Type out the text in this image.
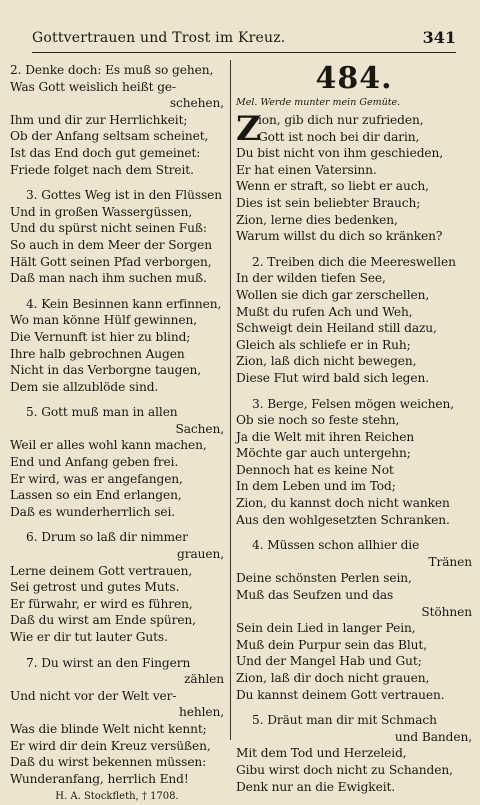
Gottvertrauen und Trost im Kreuz.	341
2. Denke doch: Es muß so gehen,
Was Gott weislich heißt ge-
schehen,
Ihm und dir zur Herrlichkeit;
Ob der Anfang seltsam scheinet,
Ist das End doch gut gemeinet:
Friede folget nach dem Streit.
3. Gottes Weg ist in den Flüssen
Und in großen Wassergüssen,
Und du spürst nicht seinen Fuß:
So auch in dem Meer der Sorgen
Hält Gott seinen Pfad verborgen,
Daß man nach ihm suchen muß.
4. Kein Besinnen kann erfinnen,
Wo man könne Hülf gewinnen,
Die Vernunft ist hier zu blind;
Ihre halb gebrochnen Augen
Nicht in das Verborgne taugen,
Dem sie allzublöde sind.
5. Gott muß man in allen
Sachen,
Weil er alles wohl kann machen,
End und Anfang geben frei.
Er wird, was er angefangen,
Lassen so ein End erlangen,
Daß es wunderherrlich sei.
6. Drum so laß dir nimmer
grauen,
Lerne deinem Gott vertrauen,
Sei getrost und gutes Muts.
Er fürwahr, er wird es führen,
Daß du wirst am Ende spüren,
Wie er dir tut lauter Guts.
7. Du wirst an den Fingern
zählen
Und nicht vor der Welt ver-
hehlen,
Was die blinde Welt nicht kennt;
Er wird dir dein Kreuz versüßen,
Daß du wirst bekennen müssen:
Wunderanfang, herrlich End!
H. A. Stockfleth, † 1708.
484.
Mel. Werde munter mein Gemüte.
Z
ion, gib dich nur zufrieden,
Gott ist noch bei dir darin,
Du bist nicht von ihm geschieden,
Er hat einen Vatersinn.
Wenn er straft, so liebt er auch,
Dies ist sein beliebter Brauch;
Zion, lerne dies bedenken,
Warum willst du dich so kränken?
2. Treiben dich die Meereswellen
In der wilden tiefen See,
Wollen sie dich gar zerschellen,
Mußt du rufen Ach und Weh,
Schweigt dein Heiland still dazu,
Gleich als schliefe er in Ruh;
Zion, laß dich nicht bewegen,
Diese Flut wird bald sich legen.
3. Berge, Felsen mögen weichen,
Ob sie noch so feste stehn,
Ja die Welt mit ihren Reichen
Möchte gar auch untergehn;
Dennoch hat es keine Not
In dem Leben und im Tod;
Zion, du kannst doch nicht wanken
Aus den wohlgesetzten Schranken.
4. Müssen schon allhier die
Tränen
Deine schönsten Perlen sein,
Muß das Seufzen und das
Stöhnen
Sein dein Lied in langer Pein,
Muß dein Purpur sein das Blut,
Und der Mangel Hab und Gut;
Zion, laß dir doch nicht grauen,
Du kannst deinem Gott vertrauen.
5. Dräut man dir mit Schmach
und Banden,
Mit dem Tod und Herzeleid,
Gibu wirst doch nicht zu Schanden,
Denk nur an die Ewigkeit.
